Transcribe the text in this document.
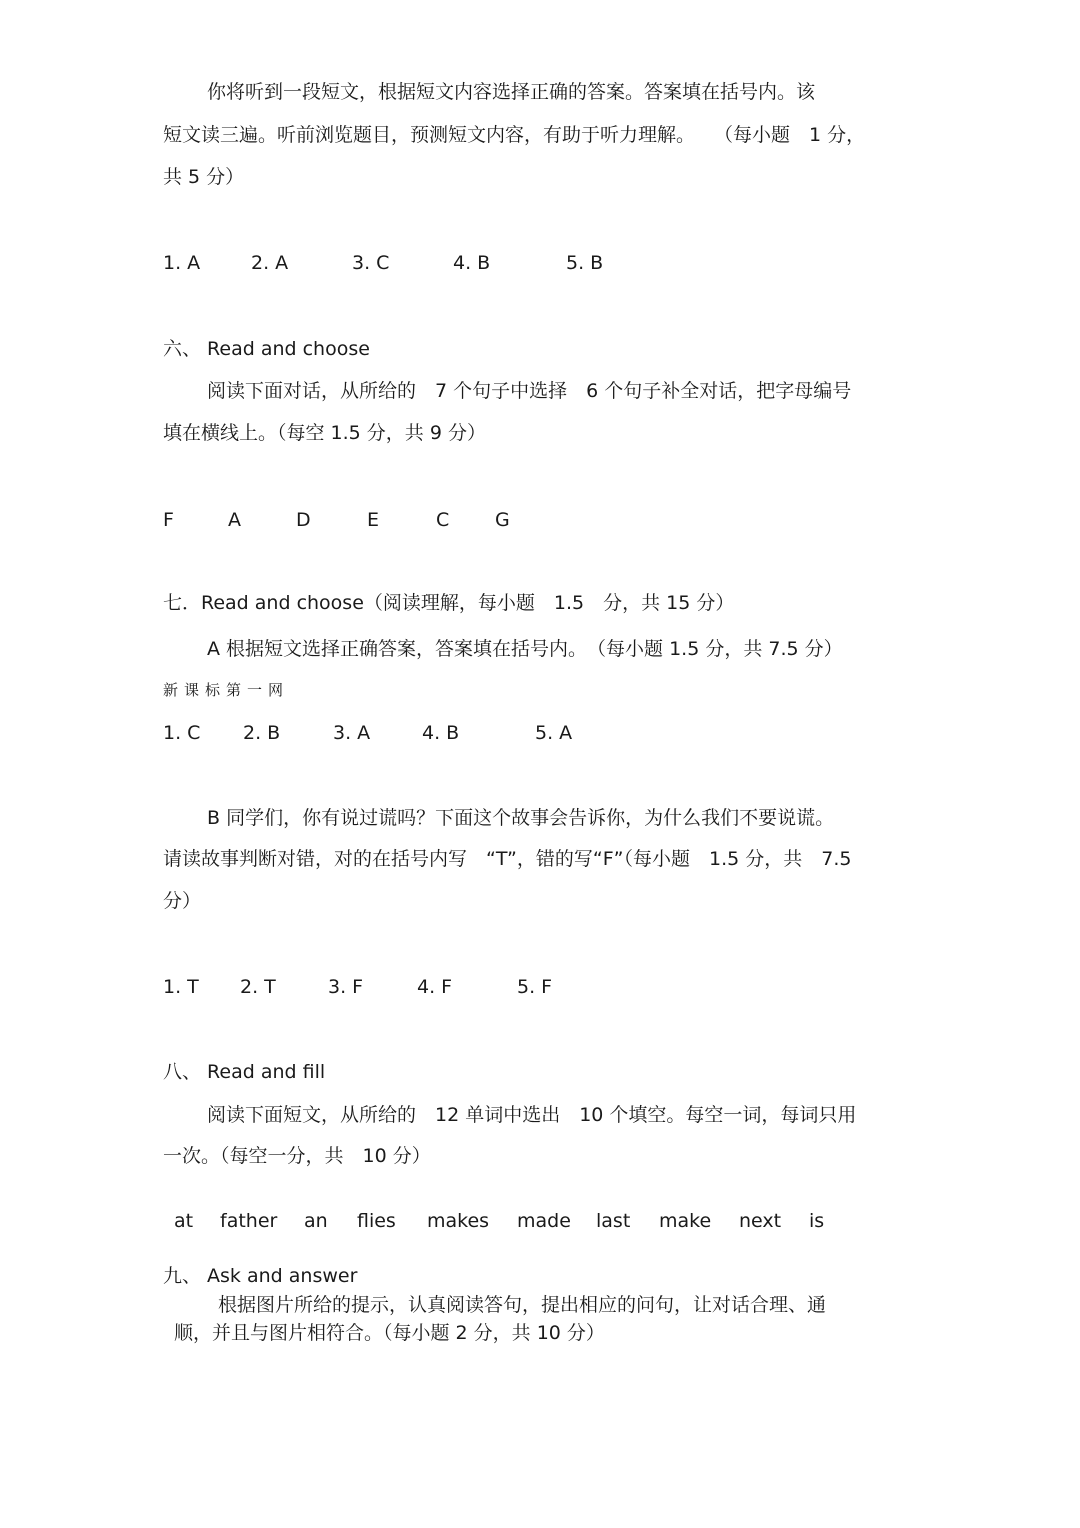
你将听到一段短文，根据短文内容选择正确的答案。答案填在括号内。该
短文读三遍。听前浏览题目，预测短文内容，有助于听力理解。　　（每小题　1 分，
共 5 分）
1. A	2. A	3. C	4. B	5. B
六、 Read and choose
阅读下面对话，从所给的　7 个句子中选择　6 个句子补全对话，把字母编号
填在横线上。（每空 1.5 分，共 9 分）
F	A	D	E	C G
七．Read and choose（阅读理解，每小题　1.5　分，共 15 分）
A 根据短文选择正确答案，答案填在括号内。　（每小题 1.5 分，共 7.5 分）
新课标第一网
1. C 2. B	3. A	4. B	5. A
B 同学们，你有说过谎吗？下面这个故事会告诉你，为什么我们不要说谎。
请读故事判断对错，对的在括号内写　“T”，错的写“F”（每小题　1.5 分，共　7.5
分）
1. T 2. T	3. F	4. F	5. F
八、 Read and fill
阅读下面短文，从所给的　12 单词中选出　10 个填空。每空一词，每词只用
一次。（每空一分，共　10 分）
at father an flies makes made last make next is
九、 Ask and answer
根据图片所给的提示，认真阅读答句，提出相应的问句，让对话合理、通
顺，并且与图片相符合。（每小题 2 分，共 10 分）
